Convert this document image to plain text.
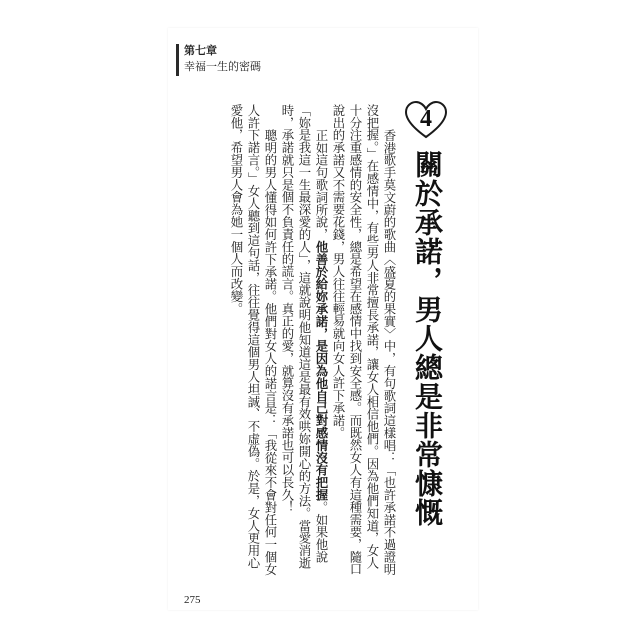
第七章
幸福一生的密碼
4
關於承諾，男人總是非常慷慨

香港歌手莫文蔚的歌曲〈盛夏的果實〉中，有句歌詞這樣唱：「也許承諾不過證明沒把握。」在感情中，有些男人非常擅長承諾，讓女人相信他們。因為他們知道，女人十分注重感情的安全性，總是希望在感情中找到安全感。而既然女人有這種需要，隨口說出的承諾又不需要花錢，男人往往輕易就向女人許下承諾。

正如這句歌詞所說，他善於給妳承諾，是因為他自己對感情沒有把握。如果他說「妳是我這一生最深愛的人」，這就說明他知道這是最有效哄妳開心的方法。當愛消逝時，承諾就只是個不負責任的謊言。真正的愛，就算沒有承諾也可以長久！

聰明的男人懂得如何許下承諾。他們對女人的諾言是：「我從來不會對任何一個女人許下諾言。」女人聽到這句話，往往覺得這個男人坦誠、不虛偽。於是，女人更用心愛他，希望男人會為她一個人而改變。

275
